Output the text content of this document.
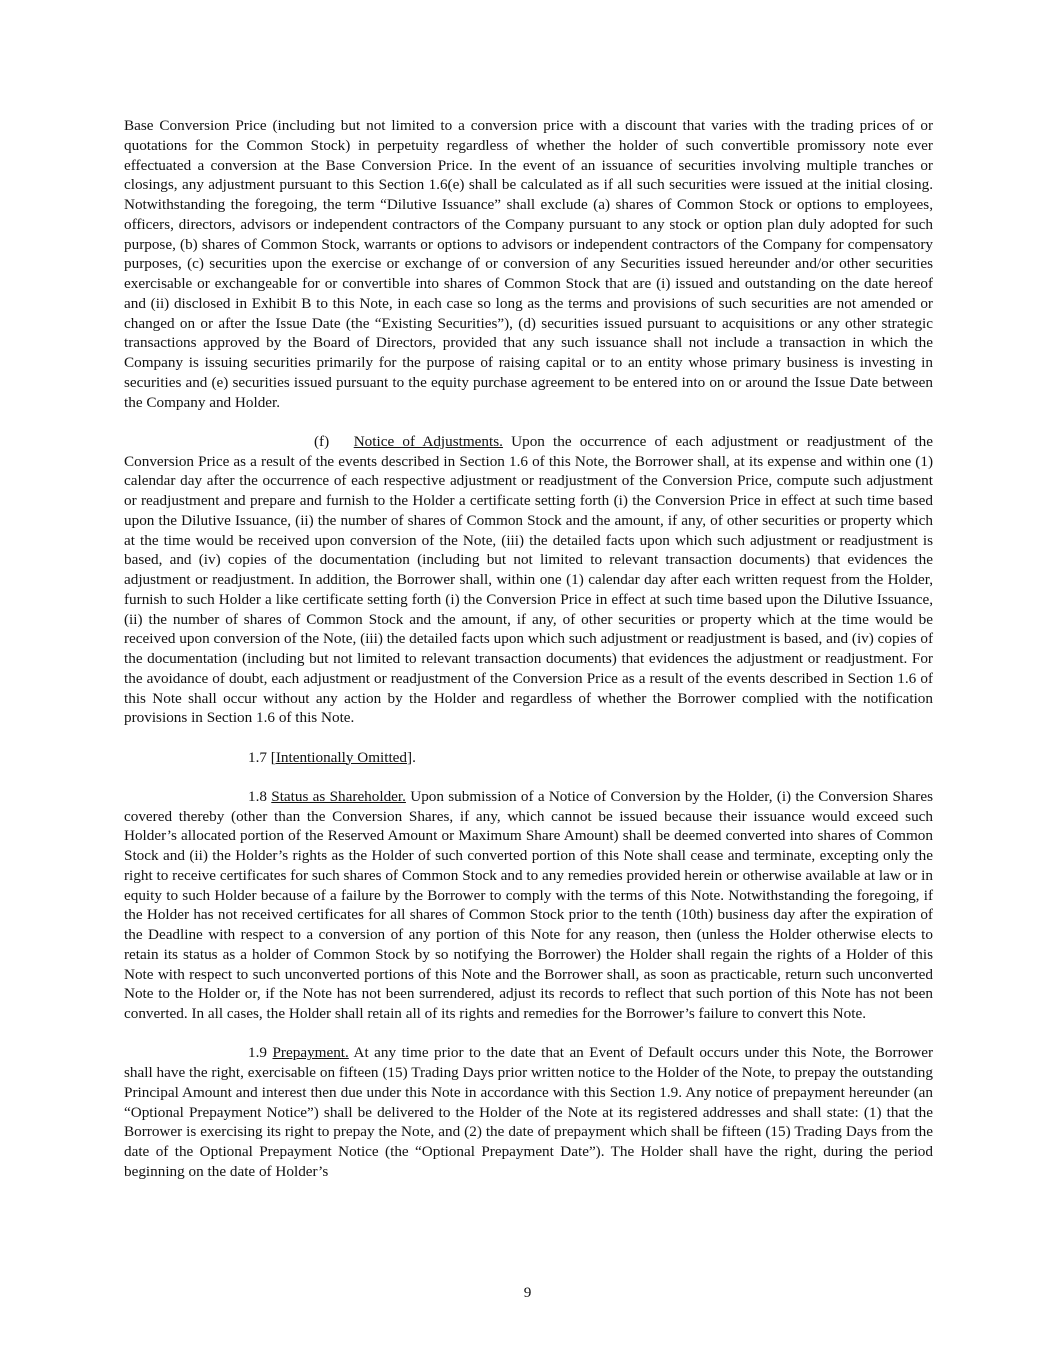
Base Conversion Price (including but not limited to a conversion price with a discount that varies with the trading prices of or quotations for the Common Stock) in perpetuity regardless of whether the holder of such convertible promissory note ever effectuated a conversion at the Base Conversion Price. In the event of an issuance of securities involving multiple tranches or closings, any adjustment pursuant to this Section 1.6(e) shall be calculated as if all such securities were issued at the initial closing. Notwithstanding the foregoing, the term “Dilutive Issuance” shall exclude (a) shares of Common Stock or options to employees, officers, directors, advisors or independent contractors of the Company pursuant to any stock or option plan duly adopted for such purpose, (b) shares of Common Stock, warrants or options to advisors or independent contractors of the Company for compensatory purposes, (c) securities upon the exercise or exchange of or conversion of any Securities issued hereunder and/or other securities exercisable or exchangeable for or convertible into shares of Common Stock that are (i) issued and outstanding on the date hereof and (ii) disclosed in Exhibit B to this Note, in each case so long as the terms and provisions of such securities are not amended or changed on or after the Issue Date (the “Existing Securities”), (d) securities issued pursuant to acquisitions or any other strategic transactions approved by the Board of Directors, provided that any such issuance shall not include a transaction in which the Company is issuing securities primarily for the purpose of raising capital or to an entity whose primary business is investing in securities and (e) securities issued pursuant to the equity purchase agreement to be entered into on or around the Issue Date between the Company and Holder.

(f) Notice of Adjustments. Upon the occurrence of each adjustment or readjustment of the Conversion Price as a result of the events described in Section 1.6 of this Note, the Borrower shall, at its expense and within one (1) calendar day after the occurrence of each respective adjustment or readjustment of the Conversion Price, compute such adjustment or readjustment and prepare and furnish to the Holder a certificate setting forth (i) the Conversion Price in effect at such time based upon the Dilutive Issuance, (ii) the number of shares of Common Stock and the amount, if any, of other securities or property which at the time would be received upon conversion of the Note, (iii) the detailed facts upon which such adjustment or readjustment is based, and (iv) copies of the documentation (including but not limited to relevant transaction documents) that evidences the adjustment or readjustment. In addition, the Borrower shall, within one (1) calendar day after each written request from the Holder, furnish to such Holder a like certificate setting forth (i) the Conversion Price in effect at such time based upon the Dilutive Issuance, (ii) the number of shares of Common Stock and the amount, if any, of other securities or property which at the time would be received upon conversion of the Note, (iii) the detailed facts upon which such adjustment or readjustment is based, and (iv) copies of the documentation (including but not limited to relevant transaction documents) that evidences the adjustment or readjustment. For the avoidance of doubt, each adjustment or readjustment of the Conversion Price as a result of the events described in Section 1.6 of this Note shall occur without any action by the Holder and regardless of whether the Borrower complied with the notification provisions in Section 1.6 of this Note.

1.7 [Intentionally Omitted].

1.8 Status as Shareholder. Upon submission of a Notice of Conversion by the Holder, (i) the Conversion Shares covered thereby (other than the Conversion Shares, if any, which cannot be issued because their issuance would exceed such Holder’s allocated portion of the Reserved Amount or Maximum Share Amount) shall be deemed converted into shares of Common Stock and (ii) the Holder’s rights as the Holder of such converted portion of this Note shall cease and terminate, excepting only the right to receive certificates for such shares of Common Stock and to any remedies provided herein or otherwise available at law or in equity to such Holder because of a failure by the Borrower to comply with the terms of this Note. Notwithstanding the foregoing, if the Holder has not received certificates for all shares of Common Stock prior to the tenth (10th) business day after the expiration of the Deadline with respect to a conversion of any portion of this Note for any reason, then (unless the Holder otherwise elects to retain its status as a holder of Common Stock by so notifying the Borrower) the Holder shall regain the rights of a Holder of this Note with respect to such unconverted portions of this Note and the Borrower shall, as soon as practicable, return such unconverted Note to the Holder or, if the Note has not been surrendered, adjust its records to reflect that such portion of this Note has not been converted. In all cases, the Holder shall retain all of its rights and remedies for the Borrower’s failure to convert this Note.

1.9 Prepayment. At any time prior to the date that an Event of Default occurs under this Note, the Borrower shall have the right, exercisable on fifteen (15) Trading Days prior written notice to the Holder of the Note, to prepay the outstanding Principal Amount and interest then due under this Note in accordance with this Section 1.9. Any notice of prepayment hereunder (an “Optional Prepayment Notice”) shall be delivered to the Holder of the Note at its registered addresses and shall state: (1) that the Borrower is exercising its right to prepay the Note, and (2) the date of prepayment which shall be fifteen (15) Trading Days from the date of the Optional Prepayment Notice (the “Optional Prepayment Date”). The Holder shall have the right, during the period beginning on the date of Holder’s

9
